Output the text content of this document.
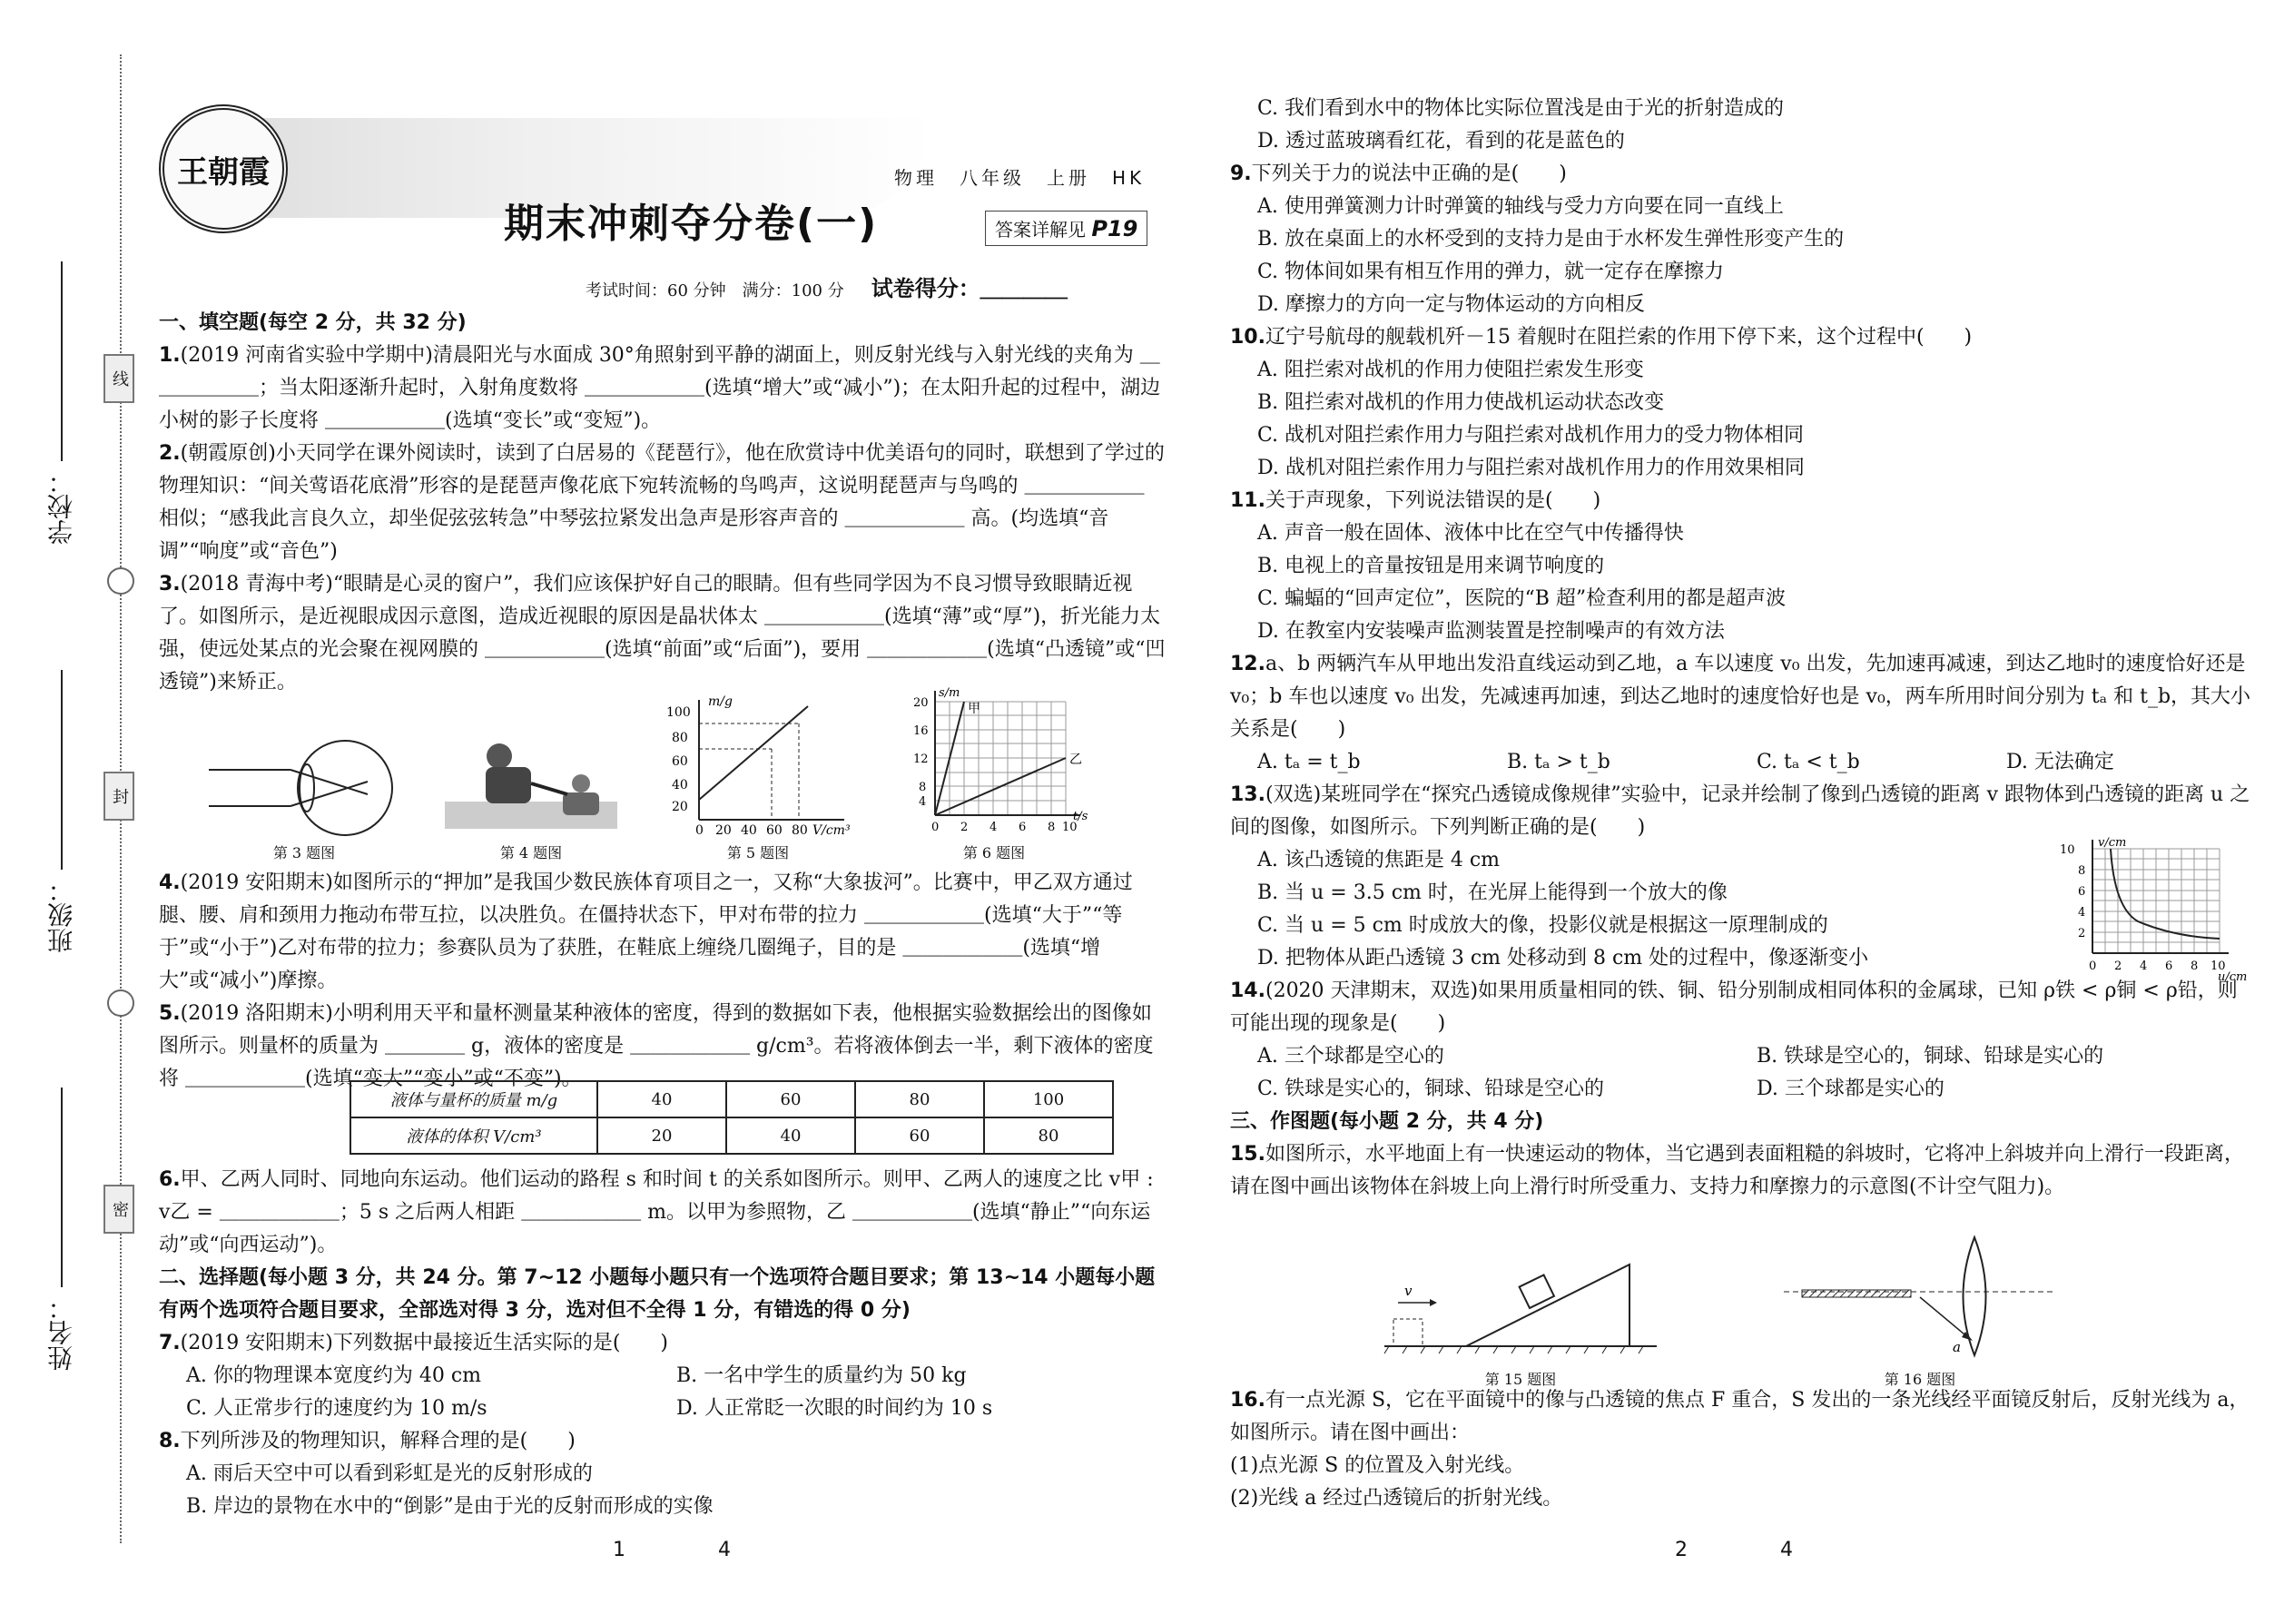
学校：
班级：
姓名：
线
封
密
王朝霞	物理　八年级　上册　HK
期末冲刺夺分卷(一)	答案详解见 P19
考试时间：60 分钟　满分：100 分 试卷得分：＿＿＿＿
一、填空题(每空 2 分，共 32 分)

1.(2019 河南省实验中学期中)清晨阳光与水面成 30°角照射到平静的湖面上，则反射光线与入射光线的夹角为 ＿＿＿＿＿＿；当太阳逐渐升起时，入射角度数将 ＿＿＿＿＿＿(选填“增大”或“减小”)；在太阳升起的过程中，湖边小树的影子长度将 ＿＿＿＿＿＿(选填“变长”或“变短”)。

2.(朝霞原创)小天同学在课外阅读时，读到了白居易的《琵琶行》，他在欣赏诗中优美语句的同时，联想到了学过的物理知识：“间关莺语花底滑”形容的是琵琶声像花底下宛转流畅的鸟鸣声，这说明琵琶声与鸟鸣的 ＿＿＿＿＿＿ 相似；“感我此言良久立，却坐促弦弦转急”中琴弦拉紧发出急声是形容声音的 ＿＿＿＿＿＿ 高。(均选填“音调”“响度”或“音色”)

3.(2018 青海中考)“眼睛是心灵的窗户”，我们应该保护好自己的眼睛。但有些同学因为不良习惯导致眼睛近视了。如图所示，是近视眼成因示意图，造成近视眼的原因是晶状体太 ＿＿＿＿＿＿(选填“薄”或“厚”)，折光能力太强，使远处某点的光会聚在视网膜的 ＿＿＿＿＿＿(选填“前面”或“后面”)，要用 ＿＿＿＿＿＿(选填“凸透镜”或“凹透镜”)来矫正。

第 3 题图	第 4 题图
100
80
60
40
20
0 20 40 60 80
m/g
V/cm³
第 5 题图
甲
乙
20
16
12
8
4
0 2 4 6 8 10
s/m
t/s
第 6 题图

4.(2019 安阳期末)如图所示的“押加”是我国少数民族体育项目之一，又称“大象拔河”。比赛中，甲乙双方通过腿、腰、肩和颈用力拖动布带互拉，以决胜负。在僵持状态下，甲对布带的拉力 ＿＿＿＿＿＿(选填“大于”“等于”或“小于”)乙对布带的拉力；参赛队员为了获胜，在鞋底上缠绕几圈绳子，目的是 ＿＿＿＿＿＿(选填“增大”或“减小”)摩擦。

5.(2019 洛阳期末)小明利用天平和量杯测量某种液体的密度，得到的数据如下表，他根据实验数据绘出的图像如图所示。则量杯的质量为 ＿＿＿＿ g，液体的密度是 ＿＿＿＿＿＿ g/cm³。若将液体倒去一半，剩下液体的密度将 ＿＿＿＿＿＿(选填“变大”“变小”或“不变”)。

液体与量杯的质量 m/g	40	60	80	100
液体的体积 V/cm³	20	40	60	80

6.甲、乙两人同时、同地向东运动。他们运动的路程 s 和时间 t 的关系如图所示。则甲、乙两人的速度之比 v甲 : v乙 = ＿＿＿＿＿＿；5 s 之后两人相距 ＿＿＿＿＿＿ m。以甲为参照物，乙 ＿＿＿＿＿＿(选填“静止”“向东运动”或“向西运动”)。

二、选择题(每小题 3 分，共 24 分。第 7~12 小题每小题只有一个选项符合题目要求；第 13~14 小题每小题有两个选项符合题目要求，全部选对得 3 分，选对但不全得 1 分，有错选的得 0 分)

7.(2019 安阳期末)下列数据中最接近生活实际的是(　　)

A. 你的物理课本宽度约为 40 cm	B. 一名中学生的质量约为 50 kg
C. 人正常步行的速度约为 10 m/s	D. 人正常眨一次眼的时间约为 10 s

8.下列所涉及的物理知识，解释合理的是(　　)

A. 雨后天空中可以看到彩虹是光的反射形成的
B. 岸边的景物在水中的“倒影”是由于光的反射而形成的实像
1　4
C. 我们看到水中的物体比实际位置浅是由于光的折射造成的
D. 透过蓝玻璃看红花，看到的花是蓝色的

9.下列关于力的说法中正确的是(　　)

A. 使用弹簧测力计时弹簧的轴线与受力方向要在同一直线上
B. 放在桌面上的水杯受到的支持力是由于水杯发生弹性形变产生的
C. 物体间如果有相互作用的弹力，就一定存在摩擦力
D. 摩擦力的方向一定与物体运动的方向相反

10.辽宁号航母的舰载机歼－15 着舰时在阻拦索的作用下停下来，这个过程中(　　)

A. 阻拦索对战机的作用力使阻拦索发生形变
B. 阻拦索对战机的作用力使战机运动状态改变
C. 战机对阻拦索作用力与阻拦索对战机作用力的受力物体相同
D. 战机对阻拦索作用力与阻拦索对战机作用力的作用效果相同

11.关于声现象，下列说法错误的是(　　)

A. 声音一般在固体、液体中比在空气中传播得快
B. 电视上的音量按钮是用来调节响度的
C. 蝙蝠的“回声定位”，医院的“B 超”检查利用的都是超声波
D. 在教室内安装噪声监测装置是控制噪声的有效方法

12.a、b 两辆汽车从甲地出发沿直线运动到乙地，a 车以速度 v₀ 出发，先加速再减速，到达乙地时的速度恰好还是 v₀；b 车也以速度 v₀ 出发，先减速再加速，到达乙地时的速度恰好也是 v₀，两车所用时间分别为 tₐ 和 t_b，其大小关系是(　　)

A. tₐ = t_b	B. tₐ > t_b	C. tₐ < t_b	D. 无法确定

13.(双选)某班同学在“探究凸透镜成像规律”实验中，记录并绘制了像到凸透镜的距离 v 跟物体到凸透镜的距离 u 之间的图像，如图所示。下列判断正确的是(　　)

A. 该凸透镜的焦距是 4 cm
B. 当 u = 3.5 cm 时，在光屏上能得到一个放大的像
C. 当 u = 5 cm 时成放大的像，投影仪就是根据这一原理制成的
D. 把物体从距凸透镜 3 cm 处移动到 8 cm 处的过程中，像逐渐变小

14.(2020 天津期末，双选)如果用质量相同的铁、铜、铅分别制成相同体积的金属球，已知 ρ铁 < ρ铜 < ρ铅，则可能出现的现象是(　　)

A. 三个球都是空心的	B. 铁球是空心的，铜球、铅球是实心的
C. 铁球是实心的，铜球、铅球是空心的	D. 三个球都是实心的
三、作图题(每小题 2 分，共 4 分)

15.如图所示，水平地面上有一快速运动的物体，当它遇到表面粗糙的斜坡时，它将冲上斜坡并向上滑行一段距离，请在图中画出该物体在斜坡上向上滑行时所受重力、支持力和摩擦力的示意图(不计空气阻力)。

10
8
6
4
2
0 2 4 6 8 10
v/cm
u/cm
v
第 15 题图
a
第 16 题图

16.有一点光源 S，它在平面镜中的像与凸透镜的焦点 F 重合，S 发出的一条光线经平面镜反射后，反射光线为 a，如图所示。请在图中画出：

(1)点光源 S 的位置及入射光线。
(2)光线 a 经过凸透镜后的折射光线。
2　4
